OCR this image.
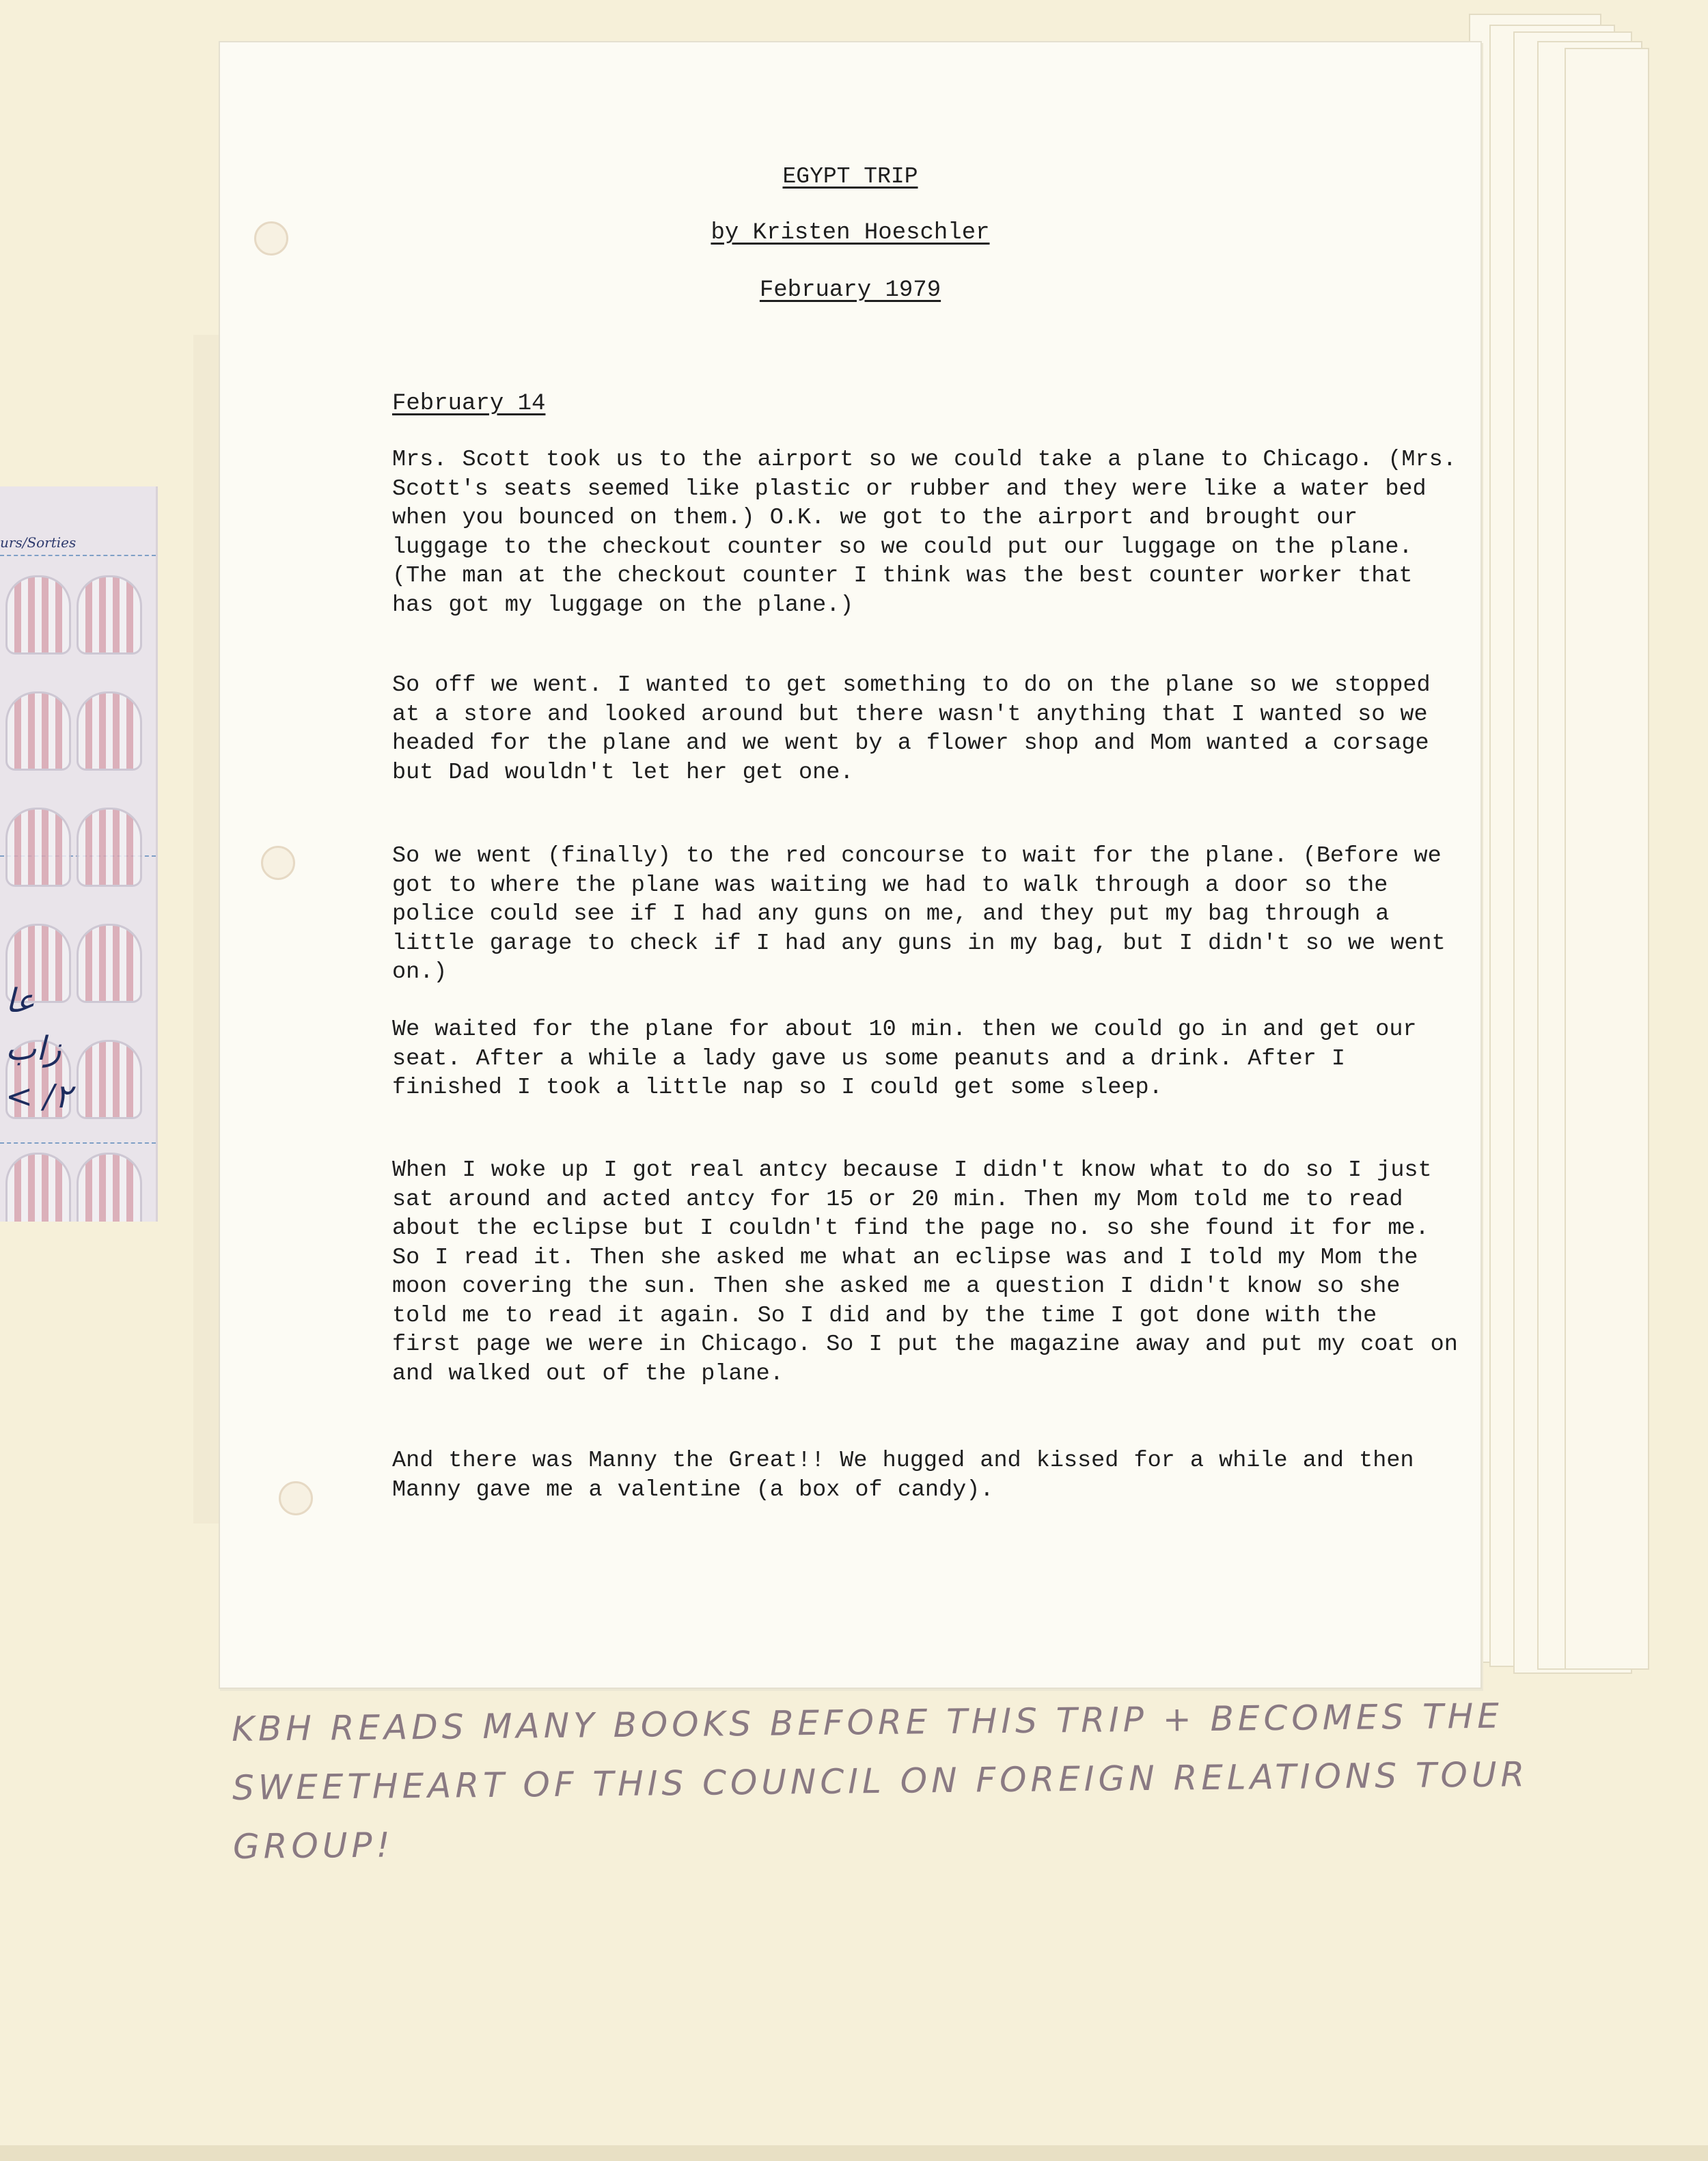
urs/Sorties
عا
زاب
< /٢
EGYPT TRIP
by Kristen Hoeschler
February 1979
February 14
Mrs. Scott took us to the airport so we could take a plane to Chicago. (Mrs. Scott's seats seemed like plastic or rubber and they were like a water bed when you bounced on them.) O.K. we got to the airport and brought our luggage to the checkout counter so we could put our luggage on the plane. (The man at the checkout counter I think was the best counter worker that has got my luggage on the plane.)
So off we went. I wanted to get something to do on the plane so we stopped at a store and looked around but there wasn't anything that I wanted so we headed for the plane and we went by a flower shop and Mom wanted a corsage but Dad wouldn't let her get one.
So we went (finally) to the red concourse to wait for the plane. (Before we got to where the plane was waiting we had to walk through a door so the police could see if I had any guns on me, and they put my bag through a little garage to check if I had any guns in my bag, but I didn't so we went on.)
We waited for the plane for about 10 min. then we could go in and get our seat. After a while a lady gave us some peanuts and a drink. After I finished I took a little nap so I could get some sleep.
When I woke up I got real antcy because I didn't know what to do so I just sat around and acted antcy for 15 or 20 min. Then my Mom told me to read about the eclipse but I couldn't find the page no. so she found it for me. So I read it. Then she asked me what an eclipse was and I told my Mom the moon covering the sun. Then she asked me a question I didn't know so she told me to read it again. So I did and by the time I got done with the first page we were in Chicago. So I put the magazine away and put my coat on and walked out of the plane.
And there was Manny the Great!! We hugged and kissed for a while and then Manny gave me a valentine (a box of candy).
KBH READS MANY BOOKS BEFORE THIS TRIP + BECOMES THE SWEETHEART OF THIS COUNCIL ON FOREIGN RELATIONS TOUR GROUP!
